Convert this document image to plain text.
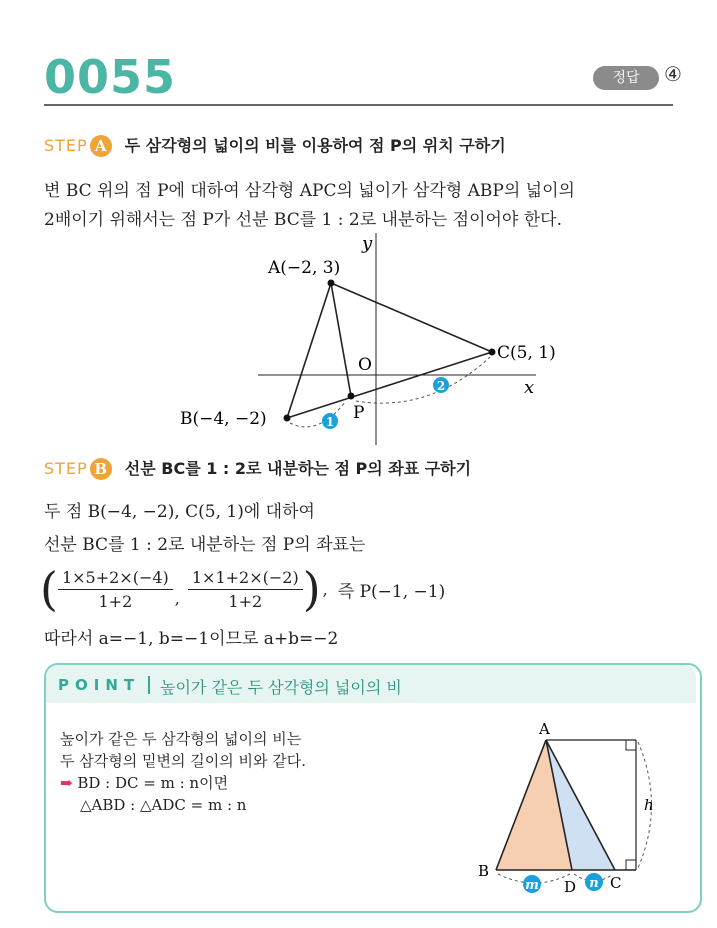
0055	정답	④
STEP A 두 삼각형의 넓이의 비를 이용하여 점 P의 위치 구하기
변 BC 위의 점 P에 대하여 삼각형 APC의 넓이가 삼각형 ABP의 넓이의
2배이기 위해서는 점 P가 선분 BC를 1 : 2로 내분하는 점이어야 한다.
1
2
A(−2, 3)
B(−4, −2)
C(5, 1)
P
O
x
y
STEP B 선분 BC를 1 : 2로 내분하는 점 P의 좌표 구하기
두 점 B(−4, −2), C(5, 1)에 대하여
선분 BC를 1 : 2로 내분하는 점 P의 좌표는
( $\frac{1\times 5+2\times(-4)}{1+2}$ , $\frac{1\times 1+2\times(-2)}{1+2}$ ) , 즉 P(−1, −1)
따라서 a=−1, b=−1이므로 a+b=−2
POINT 높이가 같은 두 삼각형의 넓이의 비
높이가 같은 두 삼각형의 넓이의 비는
두 삼각형의 밑변의 길이의 비와 같다.
➡ BD : DC = m : n이면
△ABD : △ADC = m : n
m	n
A
B
D C
h
